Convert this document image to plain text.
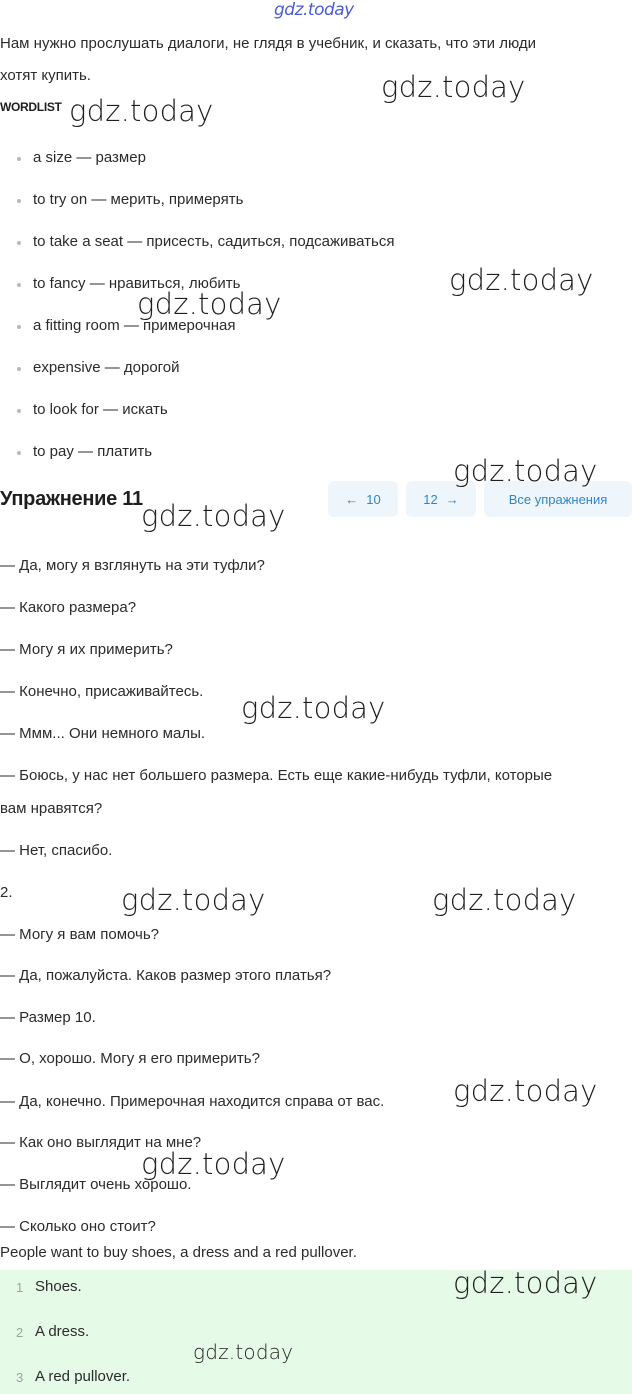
gdz.today
Нам нужно прослушать диалоги, не глядя в учебник, и сказать, что эти люди
хотят купить.
WORDLIST
a size — размер
to try on — мерить, примерять
to take a seat — присесть, садиться, подсаживаться
to fancy — нравиться, любить
a fitting room — примерочная
expensive — дорогой
to look for — искать
to pay — платить
Упражнение 11	← 10	12 →	Все упражнения
— Да, могу я взглянуть на эти туфли?
— Какого размера?
— Могу я их примерить?
— Конечно, присаживайтесь.
— Ммм... Они немного малы.
— Боюсь, у нас нет большего размера. Есть еще какие-нибудь туфли, которые
вам нравятся?
— Нет, спасибо.
2.
— Могу я вам помочь?
— Да, пожалуйста. Каков размер этого платья?
— Размер 10.
— О, хорошо. Могу я его примерить?
— Да, конечно. Примерочная находится справа от вас.
— Как оно выглядит на мне?
— Выглядит очень хорошо.
— Сколько оно стоит?
People want to buy shoes, a dress and a red pullover.
1 Shoes.
2 A dress.
3 A red pullover.
gdz.today
gdz.today
gdz.today
gdz.today
gdz.today
gdz.today
gdz.today
gdz.today	gdz.today
gdz.today
gdz.today
gdz.today
gdz.today
